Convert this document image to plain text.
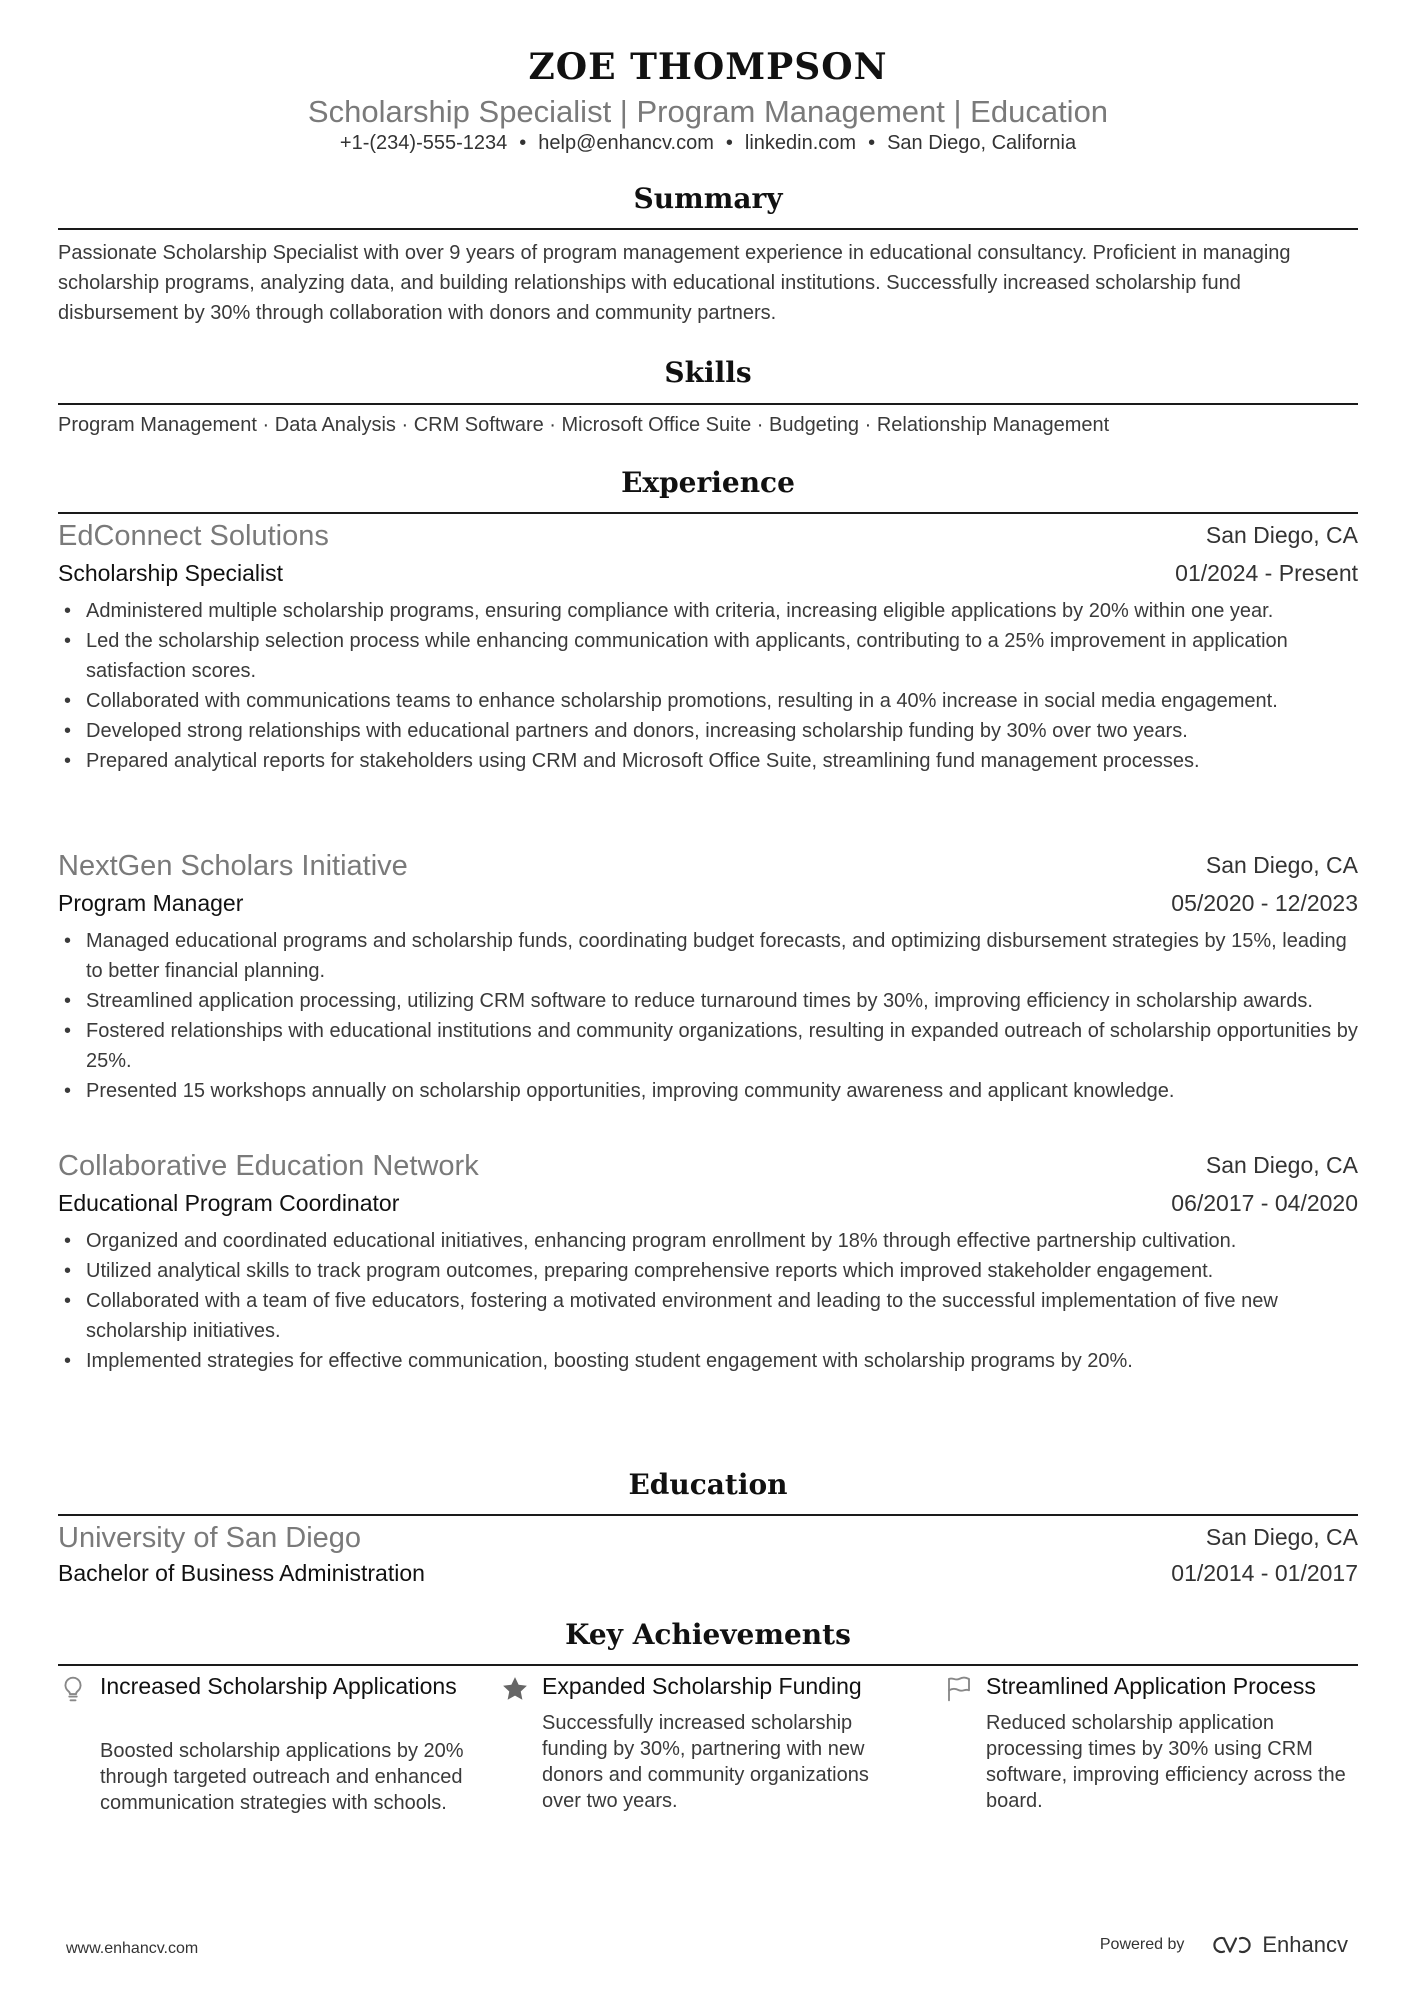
ZOE THOMPSON
Scholarship Specialist | Program Management | Education
+1-(234)-555-1234 • help@enhancv.com • linkedin.com • San Diego, California
Summary
Passionate Scholarship Specialist with over 9 years of program management experience in educational consultancy. Proficient in managing scholarship programs, analyzing data, and building relationships with educational institutions. Successfully increased scholarship fund disbursement by 30% through collaboration with donors and community partners.
Skills
Program Management · Data Analysis · CRM Software · Microsoft Office Suite · Budgeting · Relationship Management
Experience
EdConnect Solutions	San Diego, CA
Scholarship Specialist	01/2024 - Present
• Administered multiple scholarship programs, ensuring compliance with criteria, increasing eligible applications by 20% within one year.
• Led the scholarship selection process while enhancing communication with applicants, contributing to a 25% improvement in application satisfaction scores.
• Collaborated with communications teams to enhance scholarship promotions, resulting in a 40% increase in social media engagement.
• Developed strong relationships with educational partners and donors, increasing scholarship funding by 30% over two years.
• Prepared analytical reports for stakeholders using CRM and Microsoft Office Suite, streamlining fund management processes.
NextGen Scholars Initiative	San Diego, CA
Program Manager	05/2020 - 12/2023
• Managed educational programs and scholarship funds, coordinating budget forecasts, and optimizing disbursement strategies by 15%, leading to better financial planning.
• Streamlined application processing, utilizing CRM software to reduce turnaround times by 30%, improving efficiency in scholarship awards.
• Fostered relationships with educational institutions and community organizations, resulting in expanded outreach of scholarship opportunities by 25%.
• Presented 15 workshops annually on scholarship opportunities, improving community awareness and applicant knowledge.
Collaborative Education Network	San Diego, CA
Educational Program Coordinator	06/2017 - 04/2020
• Organized and coordinated educational initiatives, enhancing program enrollment by 18% through effective partnership cultivation.
• Utilized analytical skills to track program outcomes, preparing comprehensive reports which improved stakeholder engagement.
• Collaborated with a team of five educators, fostering a motivated environment and leading to the successful implementation of five new scholarship initiatives.
• Implemented strategies for effective communication, boosting student engagement with scholarship programs by 20%.
Education
University of San Diego	San Diego, CA
Bachelor of Business Administration	01/2014 - 01/2017
Key Achievements
Increased Scholarship Applications
Boosted scholarship applications by 20% through targeted outreach and enhanced communication strategies with schools.
Expanded Scholarship Funding
Successfully increased scholarship funding by 30%, partnering with new donors and community organizations over two years.
Streamlined Application Process
Reduced scholarship application processing times by 30% using CRM software, improving efficiency across the board.
www.enhancv.com	Powered by	Enhancv
